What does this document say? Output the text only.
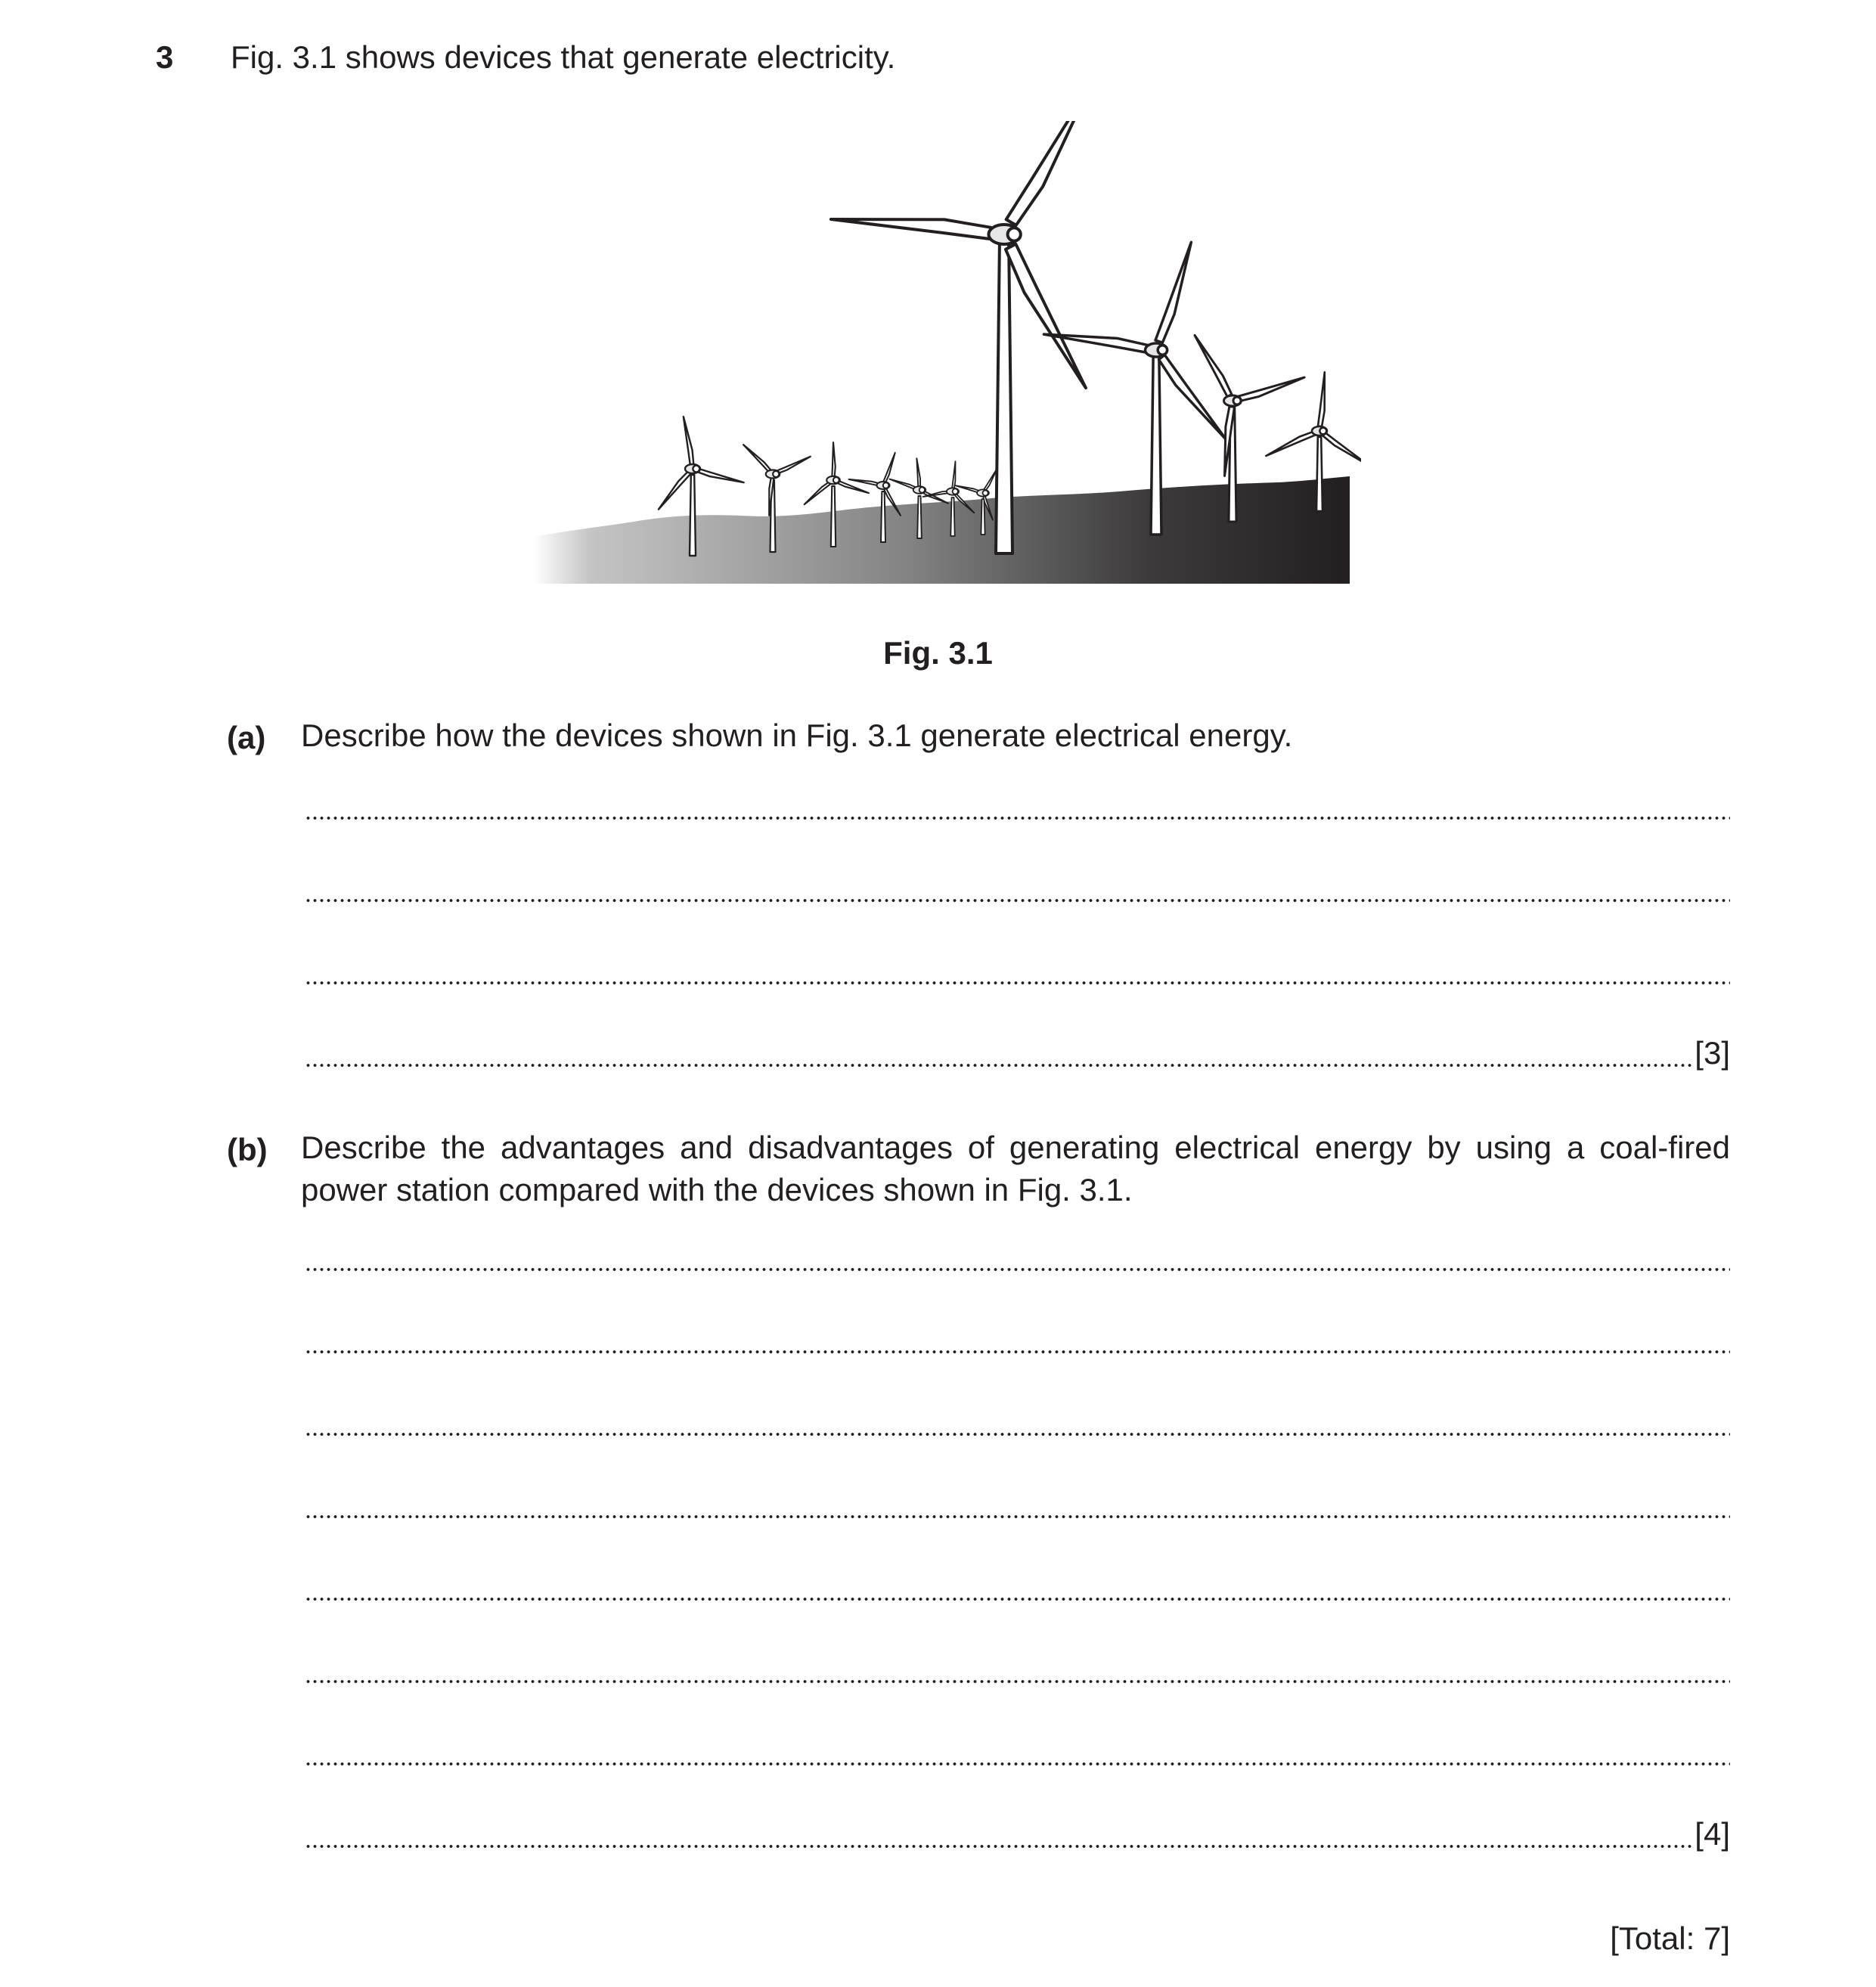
3 Fig. 3.1 shows devices that generate electricity.
Fig. 3.1
(a) Describe how the devices shown in Fig. 3.1 generate electrical energy.
(b) Describe the advantages and disadvantages of generating electrical energy by using a coal-fired power station compared with the devices shown in Fig. 3.1.
[3]
[4]
[Total: 7]
